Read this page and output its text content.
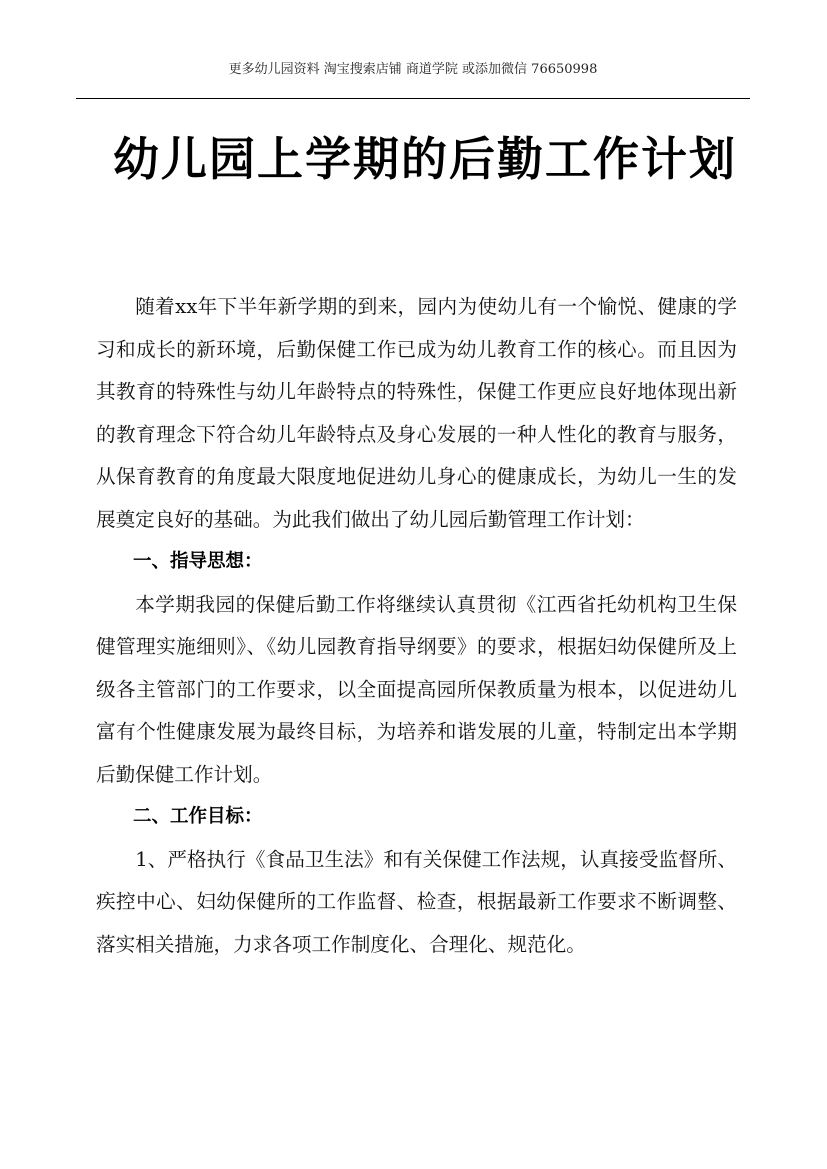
更多幼儿园资料 淘宝搜索店铺 商道学院 或添加微信 76650998
幼儿园上学期的后勤工作计划

随着xx年下半年新学期的到来，园内为使幼儿有一个愉悦、健康的学习和成长的新环境，后勤保健工作已成为幼儿教育工作的核心。而且因为其教育的特殊性与幼儿年龄特点的特殊性，保健工作更应良好地体现出新的教育理念下符合幼儿年龄特点及身心发展的一种人性化的教育与服务，从保育教育的角度最大限度地促进幼儿身心的健康成长，为幼儿一生的发展奠定良好的基础。为此我们做出了幼儿园后勤管理工作计划：

一、指导思想：

本学期我园的保健后勤工作将继续认真贯彻《江西省托幼机构卫生保健管理实施细则》、《幼儿园教育指导纲要》的要求，根据妇幼保健所及上级各主管部门的工作要求，以全面提高园所保教质量为根本，以促进幼儿富有个性健康发展为最终目标，为培养和谐发展的儿童，特制定出本学期后勤保健工作计划。

二、工作目标：

1、严格执行《食品卫生法》和有关保健工作法规，认真接受监督所、疾控中心、妇幼保健所的工作监督、检查，根据最新工作要求不断调整、落实相关措施，力求各项工作制度化、合理化、规范化。
